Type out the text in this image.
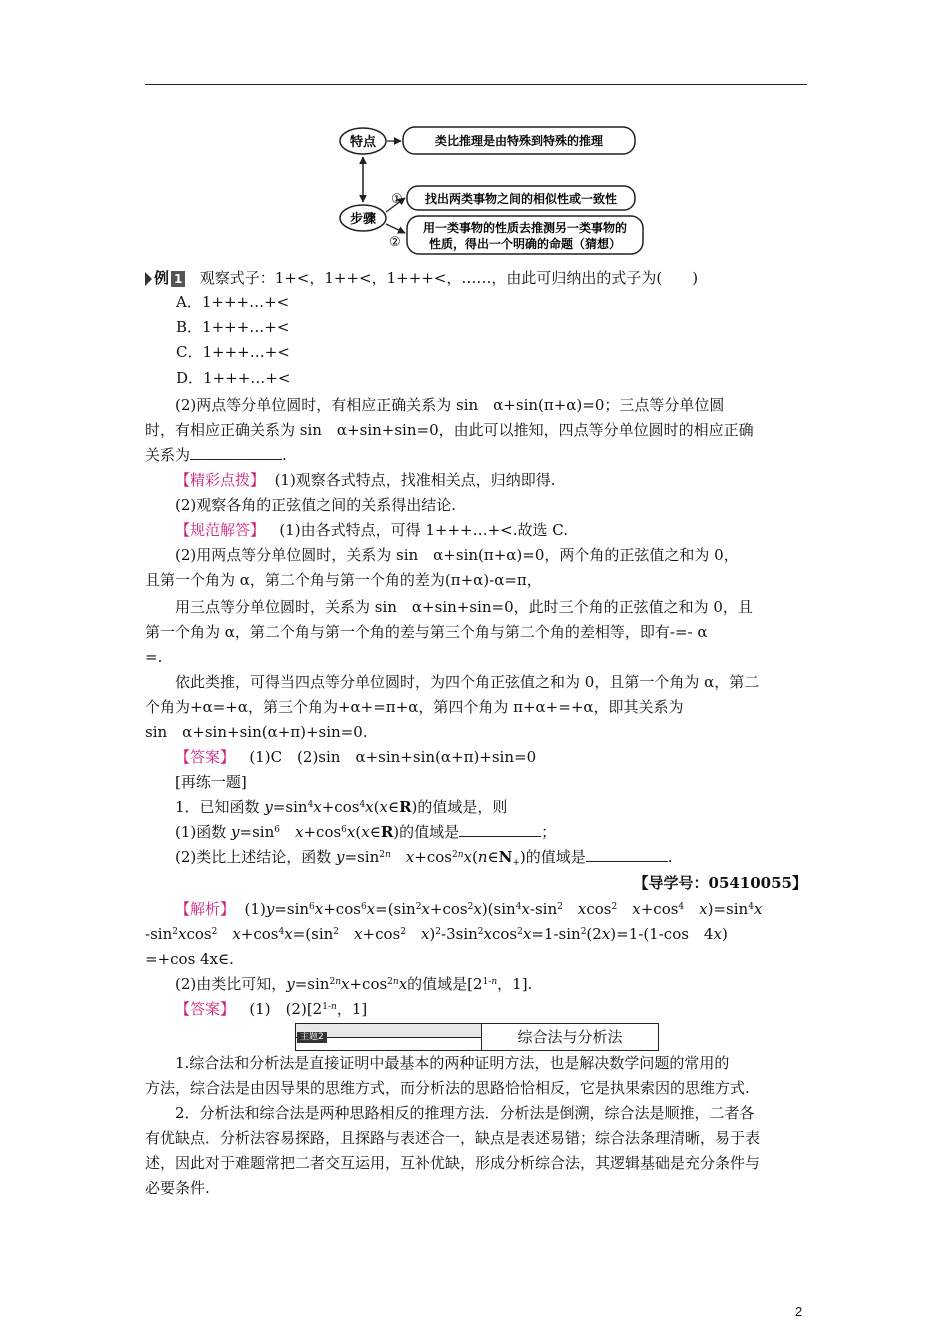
特点	类比推理是由特殊到特殊的推理
步骤
① 找出两类事物之间的相似性或一致性
②
用一类事物的性质去推测另一类事物的
性质，得出一个明确的命题（猜想）
例 1 观察式子：1+<，1++<，1+++<，……，由此可归纳出的式子为(　　)
A．1+++…+<
B．1+++…+<
C．1+++…+<
D．1+++…+<
(2)两点等分单位圆时，有相应正确关系为 sin　α+sin(π+α)=0；三点等分单位圆
时，有相应正确关系为 sin　α+sin+sin=0，由此可以推知，四点等分单位圆时的相应正确
关系为	.
【精彩点拨】 (1)观察各式特点，找准相关点，归纳即得.
(2)观察各角的正弦值之间的关系得出结论.
【规范解答】 (1)由各式特点，可得 1+++…+<.故选 C.
(2)用两点等分单位圆时，关系为 sin　α+sin(π+α)=0，两个角的正弦值之和为 0，
且第一个角为 α，第二个角与第一个角的差为(π+α)-α=π，
用三点等分单位圆时，关系为 sin　α+sin+sin=0，此时三个角的正弦值之和为 0，且
第一个角为 α，第二个角与第一个角的差与第三个角与第二个角的差相等，即有-=- α
=.
依此类推，可得当四点等分单位圆时，为四个角正弦值之和为 0，且第一个角为 α，第二
个角为+α=+α，第三个角为+α+=π+α，第四个角为 π+α+=+α，即其关系为
sin　α+sin+sin(α+π)+sin=0.
【答案】 (1)C　(2)sin　α+sin+sin(α+π)+sin=0
[再练一题]
1．已知函数 $y=\sin^4x+\cos^4x(x\in R)$的值域是，则
(1)函数 $y=\sin^6$　 $x+\cos^6x(x\in R)$的值域是	；
(2)类比上述结论，函数 $y=\sin^{2n}$　 $x+\cos^{2n}x(n\in N_+)$的值域是	.
【导学号：05410055】
【解析】  $(1)y=\sin^6x+\cos^6x=(\sin^2x+\cos^2x)(\sin^4x-\sin^2$　 xcos$^2$　 $x+\cos^4$　 $x)=\sin^4x$
$-\sin^2xcos^2$　 $x+\cos^4x=(\sin^2$　 $x+\cos^2$　 $x)^2-3\sin^2xcos^2x=1-\sin^2(2x)=1-(1-\cos$　4x)
=+cos 4x∈.
(2)由类比可知，$y=\sin^{2n}x+\cos^{2n}x$的值域是[2$^{1-n}$，1].
【答案】 (1)　(2)[2$^{1-n}$，1]
主题2	综合法与分析法
1.综合法和分析法是直接证明中最基本的两种证明方法，也是解决数学问题的常用的
方法，综合法是由因导果的思维方式，而分析法的思路恰恰相反，它是执果索因的思维方式.
2．分析法和综合法是两种思路相反的推理方法．分析法是倒溯，综合法是顺推，二者各
有优缺点．分析法容易探路，且探路与表述合一，缺点是表述易错；综合法条理清晰，易于表
述，因此对于难题常把二者交互运用，互补优缺，形成分析综合法，其逻辑基础是充分条件与
必要条件.
2
